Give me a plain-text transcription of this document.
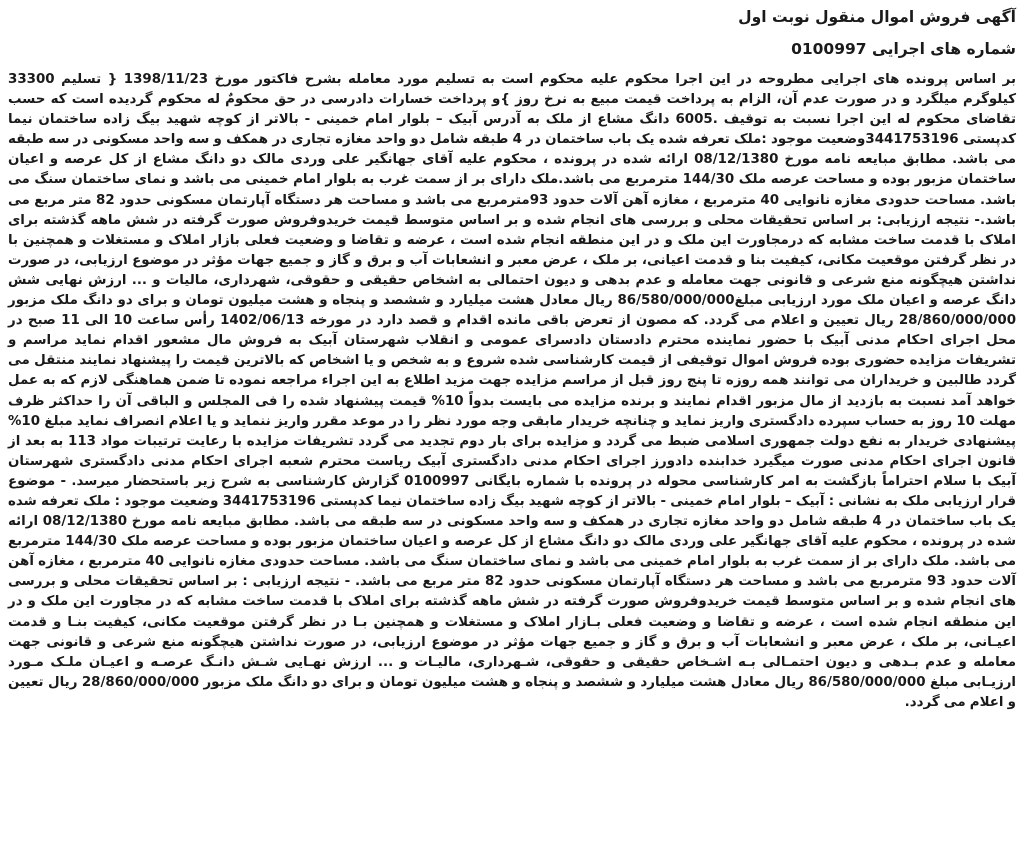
آگهی فروش اموال منقول نوبت اول
شماره های اجرایی 0100997

بر اساس پرونده های اجرایی مطروحه در این اجرا محکوم علیه محکوم است به تسلیم مورد معامله بشرح فاکتور مورخ 1398/11/23 { تسلیم 33300 کیلوگرم میلگرد و در صورت عدم آن، الزام به پرداخت قیمت مبیع به نرخ روز }و پرداخت خسارات دادرسی در حق محکومٌ له محکوم گردیده است که حسب تقاضای محکوم له این اجرا نسبت به توقیف .6005 دانگ مشاع از ملک به آدرس آبیک – بلوار امام خمینی - بالاتر از کوچه شهید بیگ زاده ساختمان نیما کدپستی 3441753196وضعیت موجود :ملک تعرفه شده یک باب ساختمان در 4 طبقه شامل دو واحد مغازه تجاری در همکف و سه واحد مسکونی در سه طبقه می باشد. مطابق مبایعه نامه مورخ 08/12/1380 ارائه شده در پرونده ، محکوم علیه آقای جهانگیر علی وردی مالک دو دانگ مشاع از کل عرصه و اعیان ساختمان مزبور بوده و مساحت عرصه ملک 144/30 مترمربع می باشد.ملک دارای بر از سمت غرب به بلوار امام خمینی می باشد و نمای ساختمان سنگ می باشد. مساحت حدودی مغازه نانوایی 40 مترمربع ، مغازه آهن آلات حدود 93مترمربع می باشد و مساحت هر دستگاه آپارتمان مسکونی حدود 82 متر مربع می باشد.- نتیجه ارزیابی: بر اساس تحقیقات محلی و بررسی های انجام شده و بر اساس متوسط قیمت خریدوفروش صورت گرفته در شش ماهه گذشته برای املاک با قدمت ساخت مشابه که درمجاورت این ملک و در این منطقه انجام شده است ، عرضه و تقاضا و وضعیت فعلی بازار املاک و مستغلات و همچنین با در نظر گرفتن موقعیت مکانی، کیفیت بنا و قدمت اعیانی، بر ملک ، عرض معبر و انشعابات آب و برق و گاز و جمیع جهات مؤثر در موضوع ارزیابی، در صورت نداشتن هیچگونه منع شرعی و قانونی جهت معامله و عدم بدهی و دیون احتمالی به اشخاص حقیقی و حقوقی، شهرداری، مالیات و ... ارزش نهایی شش دانگ عرصه و اعیان ملک مورد ارزیابی مبلغ86/580/000/000 ریال معادل هشت میلیارد و ششصد و پنجاه و هشت میلیون تومان و برای دو دانگ ملک مزبور 28/860/000/000 ریال تعیین و اعلام می گردد. که مصون از تعرض باقی مانده اقدام و قصد دارد در مورخه 1402/06/13 رأس ساعت 10 الی 11 صبح در محل اجرای احکام مدنی آبیک با حضور نماینده محترم دادستان دادسرای عمومی و انقلاب شهرستان آبیک به فروش مال مشعور اقدام نماید مراسم و تشریفات مزایده حضوری بوده فروش اموال توقیفی از قیمت کارشناسی شده شروع و به شخص و یا اشخاص که بالاترین قیمت را پیشنهاد نمایند منتقل می گردد طالبین و خریداران می توانند همه روزه تا پنج روز قبل از مراسم مزایده جهت مزید اطلاع به این اجراء مراجعه نموده تا ضمن هماهنگی لازم که به عمل خواهد آمد نسبت به بازدید از مال مزبور اقدام نمایند و برنده مزایده می بایست بدواً 10% قیمت پیشنهاد شده را فی المجلس و الباقی آن را حداکثر ظرف مهلت 10 روز به حساب سپرده دادگستری واریز نماید و چنانچه خریدار مابقی وجه مورد نظر را در موعد مقرر واریز ننماید و یا اعلام انصراف نماید مبلغ 10% پیشنهادی خریدار به نفع دولت جمهوری اسلامی ضبط می گردد و مزایده برای بار دوم تجدید می گردد تشریفات مزایده با رعایت ترتیبات مواد 113 به بعد از قانون اجرای احکام مدنی صورت میگیرد خدابنده دادورز اجرای احکام مدنی دادگستری آبیک ریاست محترم شعبه اجرای احکام مدنی دادگستری شهرستان آبیک با سلام احتراماً بازگشت به امر کارشناسی محوله در پرونده با شماره بایگانی 0100997 گزارش کارشناسی به شرح زیر باستحضار میرسد. - موضوع قرار ارزیابی ملک به نشانی : آبیک – بلوار امام خمینی - بالاتر از کوچه شهید بیگ زاده ساختمان نیما کدپستی 3441753196 وضعیت موجود : ملک تعرفه شده یک باب ساختمان در 4 طبقه شامل دو واحد مغازه تجاری در همکف و سه واحد مسکونی در سه طبقه می باشد. مطابق مبایعه نامه مورخ 08/12/1380 ارائه شده در پرونده ، محکوم علیه آقای جهانگیر علی وردی مالک دو دانگ مشاع از کل عرصه و اعیان ساختمان مزبور بوده و مساحت عرصه ملک 144/30 مترمربع می باشد. ملک دارای بر از سمت غرب به بلوار امام خمینی می باشد و نمای ساختمان سنگ می باشد. مساحت حدودی مغازه نانوایی 40 مترمربع ، مغازه آهن آلات حدود 93 مترمربع می باشد و مساحت هر دستگاه آپارتمان مسکونی حدود 82 متر مربع می باشد. - نتیجه ارزیابی : بر اساس تحقیقات محلی و بررسی های انجام شده و بر اساس متوسط قیمت خریدوفروش صورت گرفته در شش ماهه گذشته برای املاک با قدمت ساخت مشابه که در مجاورت این ملک و در این منطقه انجام شده است ، عرضه و تقاضا و وضعیت فعلی بـازار املاک و مستغلات و همچنین بـا در نظر گرفتن موقعیت مکانی، کیفیت بنـا و قدمت اعیـانی، بر ملک ، عرض معبر و انشعابات آب و برق و گاز و جمیع جهات مؤثر در موضوع ارزیابی، در صورت نداشتن هیچگونه منع شرعی و قانونی جهت معامله و عدم بـدهی و دیون احتمـالی بـه اشـخاص حقیقی و حقوقی، شـهرداری، مالیـات و ... ارزش نهـایی شـش دانـگ عرصـه و اعیـان ملـک مـورد ارزیـابی مبلغ 86/580/000/000 ریال معادل هشت میلیارد و ششصد و پنجاه و هشت میلیون تومان و برای دو دانگ ملک مزبور 28/860/000/000 ریال تعیین و اعلام می گردد.
